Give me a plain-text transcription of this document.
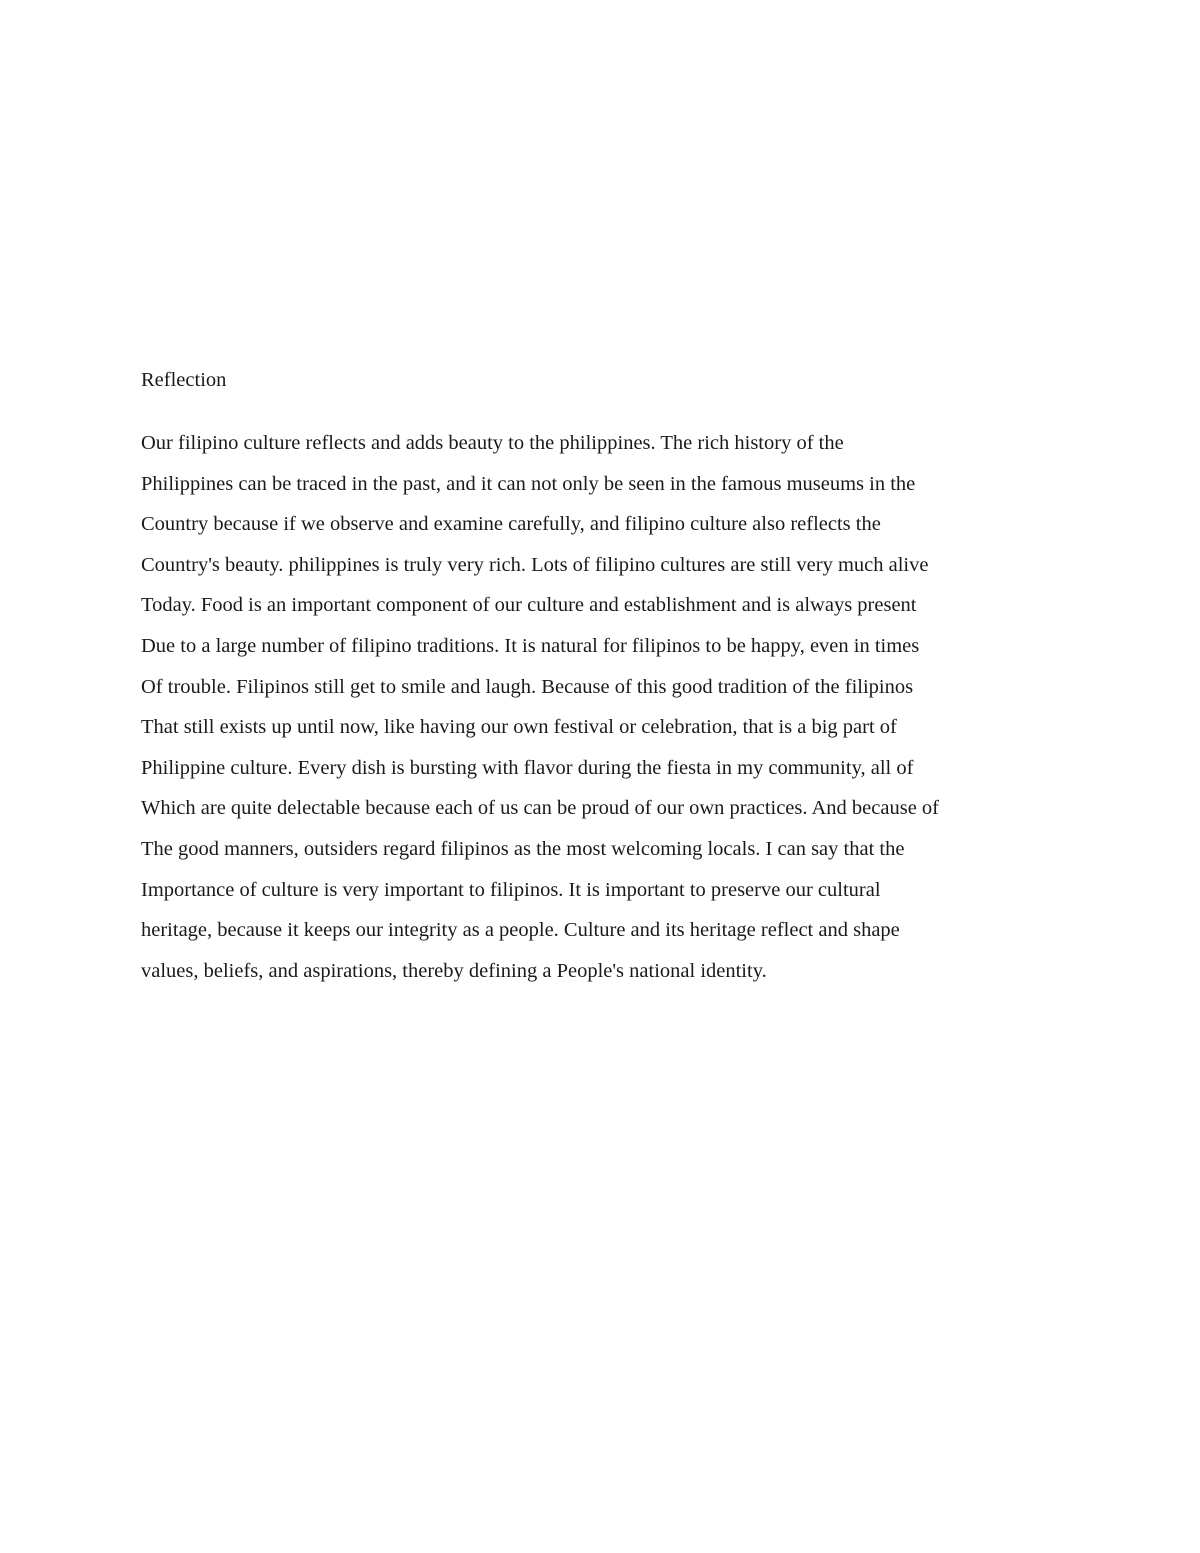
Reflection
Our filipino culture reflects and adds beauty to the philippines. The rich history of the
Philippines can be traced in the past, and it can not only be seen in the famous museums in the
Country because if we observe and examine carefully, and filipino culture also reflects the
Country's beauty. philippines is truly very rich. Lots of filipino cultures are still very much alive
Today. Food is an important component of our culture and establishment and is always present
Due to a large number of filipino traditions. It is natural for filipinos to be happy, even in times
Of trouble. Filipinos still get to smile and laugh. Because of this good tradition of the filipinos
That still exists up until now, like having our own festival or celebration, that is a big part of
Philippine culture. Every dish is bursting with flavor during the fiesta in my community, all of
Which are quite delectable because each of us can be proud of our own practices. And because of
The good manners, outsiders regard filipinos as the most welcoming locals. I can say that the
Importance of culture is very important to filipinos. It is important to preserve our cultural
heritage, because it keeps our integrity as a people. Culture and its heritage reflect and shape
values, beliefs, and aspirations, thereby defining a People's national identity.
